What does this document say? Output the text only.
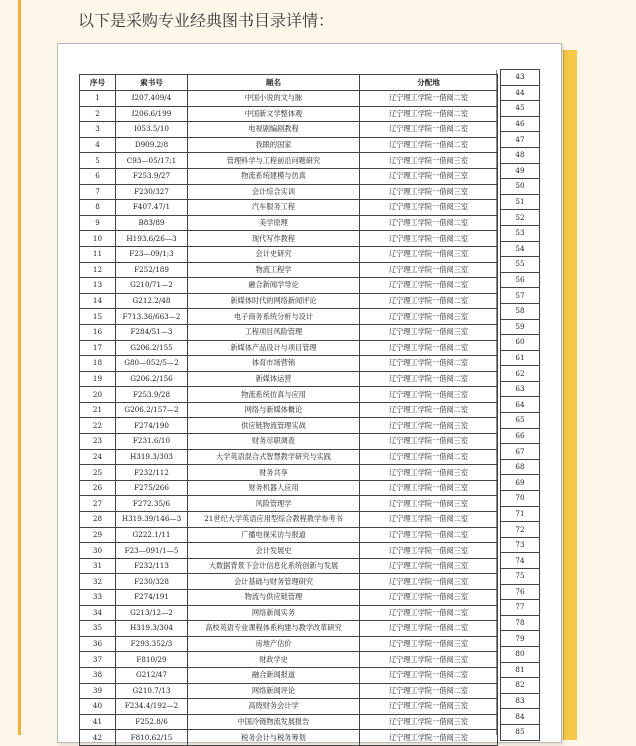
以下是采购专业经典图书目录详情：
序号	索书号	题名	分配地
1	I207.409/4	中国小说的文与脉	辽宁理工学院一借阅二室
2	I206.6/199	中国新文学整体观	辽宁理工学院一借阅二室
3	I053.5/10	电视剧编剧教程	辽宁理工学院一借阅二室
4	D909.2/8	我眼的国家	辽宁理工学院一借阅二室
5	C93—05/17;1	管理科学与工程前沿问题研究	辽宁理工学院一借阅三室
6	F253.9/27	物流系统建模与仿真	辽宁理工学院一借阅三室
7	F230/327	会计综合实训	辽宁理工学院一借阅三室
8	F407.47/1	汽车服务工程	辽宁理工学院一借阅三室
9	B83/89	美学原理	辽宁理工学院一借阅二室
10	H193.6/26—3	现代写作教程	辽宁理工学院一借阅二室
11	F23—09/1;3	会计史研究	辽宁理工学院一借阅三室
12	F252/189	物流工程学	辽宁理工学院一借阅三室
13	G210/71—2	融合新闻学导论	辽宁理工学院一借阅二室
14	G212.2/48	新媒体时代的网络新闻评论	辽宁理工学院一借阅二室
15	F713.36/663—2	电子商务系统分析与设计	辽宁理工学院一借阅三室
16	F284/51—3	工程项目风险管理	辽宁理工学院一借阅三室
17	G206.2/155	新媒体产品设计与项目管理	辽宁理工学院一借阅二室
18	G80—052/5—2	体育市场营销	辽宁理工学院一借阅二室
19	G206.2/156	新媒体运营	辽宁理工学院一借阅二室
20	F253.9/28	物流系统仿真与应用	辽宁理工学院一借阅三室
21	G206.2/157—2	网络与新媒体概论	辽宁理工学院一借阅二室
22	F274/190	供应链物流管理实战	辽宁理工学院一借阅三室
23	F231.6/10	财务尽职调查	辽宁理工学院一借阅三室
24	H319.3/303	大学英语混合式智慧教学研究与实践	辽宁理工学院一借阅二室
25	F232/112	财务共享	辽宁理工学院一借阅三室
26	F275/266	财务机器人应用	辽宁理工学院一借阅三室
27	F272.35/6	风险管理学	辽宁理工学院一借阅三室
28	H319.39/146—3	21世纪大学英语应用型综合教程教学参考书	辽宁理工学院一借阅二室
29	G222.1/11	广播电视采访与报道	辽宁理工学院一借阅二室
30	F23—091/1—5	会计发展史	辽宁理工学院一借阅三室
31	F232/113	大数据背景下会计信息化系统创新与发展	辽宁理工学院一借阅三室
32	F230/328	会计基础与财务管理研究	辽宁理工学院一借阅三室
33	F274/191	物流与供应链管理	辽宁理工学院一借阅三室
34	G213/12—2	网络新闻实务	辽宁理工学院一借阅二室
35	H319.3/304	高校英语专业课程体系构建与教学改革研究	辽宁理工学院一借阅二室
36	F293.352/3	房地产估价	辽宁理工学院一借阅三室
37	F810/29	财政学史	辽宁理工学院一借阅三室
38	G212/47	融合新闻报道	辽宁理工学院一借阅二室
39	G210.7/13	网络新闻评论	辽宁理工学院一借阅二室
40	F234.4/192—2	高级财务会计学	辽宁理工学院一借阅三室
41	F252.8/6	中国冷链物流发展报告	辽宁理工学院一借阅三室
42	F810.62/15	税务会计与税务筹划	辽宁理工学院一借阅三室
43
44
45
46
47
48
49
50
51
52
53
54
55
56
57
58
59
60
61
62
63
64
65
66
67
68
69
70
71
72
73
74
75
76
77
78
79
80
81
82
83
84
85
